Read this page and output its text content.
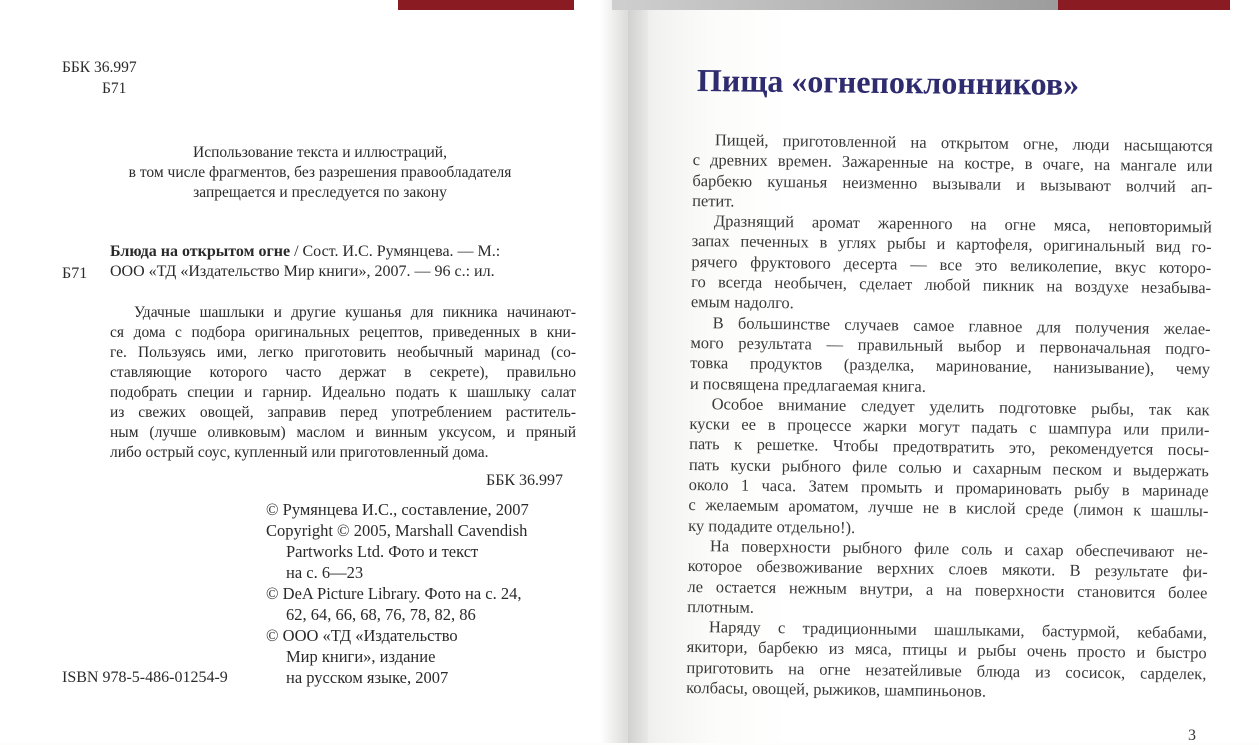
ББК 36.997
Б71
Использование текста и иллюстраций,
в том числе фрагментов, без разрешения правообладателя
запрещается и преследуется по закону
Блюда на открытом огне / Сост. И.С. Румянцева. — М.:
Б71 ООО «ТД «Издательство Мир книги», 2007. — 96 с.: ил.
Удачные шашлыки и другие кушанья для пикника начинают-
ся дома с подбора оригинальных рецептов, приведенных в кни-
ге. Пользуясь ими, легко приготовить необычный маринад (со-
ставляющие которого часто держат в секрете), правильно
подобрать специи и гарнир. Идеально подать к шашлыку салат
из свежих овощей, заправив перед употреблением раститель-
ным (лучше оливковым) маслом и винным уксусом, и пряный
либо острый соус, купленный или приготовленный дома.
ББК 36.997
© Румянцева И.С., составление, 2007
Copyright © 2005, Marshall Cavendish
Partworks Ltd. Фото и текст
на с. 6—23
© DeA Picture Library. Фото на с. 24,
62, 64, 66, 68, 76, 78, 82, 86
© ООО «ТД «Издательство
Мир книги», издание
на русском языке, 2007
ISBN 978-5-486-01254-9
Пища «огнепоклонников»
Пищей, приготовленной на открытом огне, люди насыщаются
с древних времен. Зажаренные на костре, в очаге, на мангале или
барбекю кушанья неизменно вызывали и вызывают волчий ап-
петит.
Дразнящий аромат жаренного на огне мяса, неповторимый
запах печенных в углях рыбы и картофеля, оригинальный вид го-
рячего фруктового десерта — все это великолепие, вкус которо-
го всегда необычен, сделает любой пикник на воздухе незабыва-
емым надолго.
В большинстве случаев самое главное для получения желае-
мого результата — правильный выбор и первоначальная подго-
товка продуктов (разделка, маринование, нанизывание), чему
и посвящена предлагаемая книга.
Особое внимание следует уделить подготовке рыбы, так как
куски ее в процессе жарки могут падать с шампура или прили-
пать к решетке. Чтобы предотвратить это, рекомендуется посы-
пать куски рыбного филе солью и сахарным песком и выдержать
около 1 часа. Затем промыть и промариновать рыбу в маринаде
с желаемым ароматом, лучше не в кислой среде (лимон к шашлы-
ку подадите отдельно!).
На поверхности рыбного филе соль и сахар обеспечивают не-
которое обезвоживание верхних слоев мякоти. В результате фи-
ле остается нежным внутри, а на поверхности становится более
плотным.
Наряду с традиционными шашлыками, бастурмой, кебабами,
якитори, барбекю из мяса, птицы и рыбы очень просто и быстро
приготовить на огне незатейливые блюда из сосисок, сарделек,
колбасы, овощей, рыжиков, шампиньонов.
3
